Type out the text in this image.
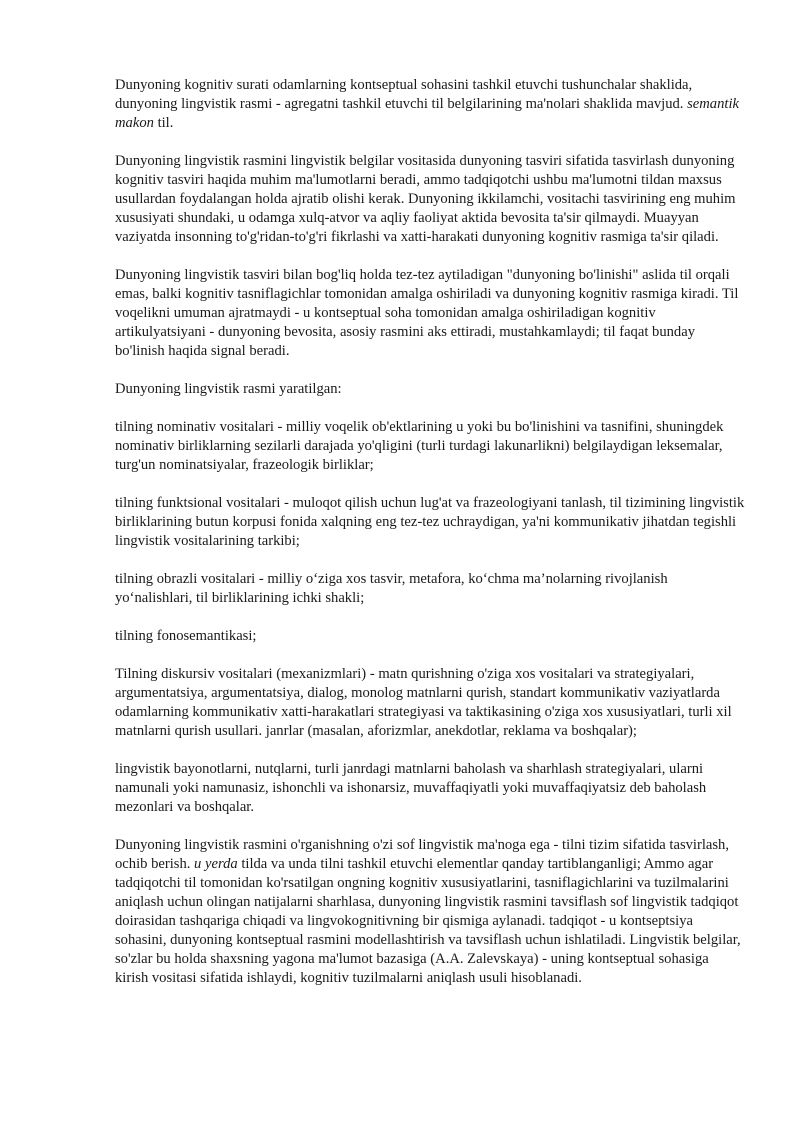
Dunyoning kognitiv surati odamlarning kontseptual sohasini tashkil etuvchi tushunchalar shaklida, dunyoning lingvistik rasmi - agregatni tashkil etuvchi til belgilarining ma'nolari shaklida mavjud. semantik makon til.

Dunyoning lingvistik rasmini lingvistik belgilar vositasida dunyoning tasviri sifatida tasvirlash dunyoning kognitiv tasviri haqida muhim ma'lumotlarni beradi, ammo tadqiqotchi ushbu ma'lumotni tildan maxsus usullardan foydalangan holda ajratib olishi kerak. Dunyoning ikkilamchi, vositachi tasvirining eng muhim xususiyati shundaki, u odamga xulq-atvor va aqliy faoliyat aktida bevosita ta'sir qilmaydi. Muayyan vaziyatda insonning to'g'ridan-to'g'ri fikrlashi va xatti-harakati dunyoning kognitiv rasmiga ta'sir qiladi.

Dunyoning lingvistik tasviri bilan bog'liq holda tez-tez aytiladigan "dunyoning bo'linishi" aslida til orqali emas, balki kognitiv tasniflagichlar tomonidan amalga oshiriladi va dunyoning kognitiv rasmiga kiradi. Til voqelikni umuman ajratmaydi - u kontseptual soha tomonidan amalga oshiriladigan kognitiv artikulyatsiyani - dunyoning bevosita, asosiy rasmini aks ettiradi, mustahkamlaydi; til faqat bunday bo'linish haqida signal beradi.

Dunyoning lingvistik rasmi yaratilgan:

tilning nominativ vositalari - milliy voqelik ob'ektlarining u yoki bu bo'linishini va tasnifini, shuningdek nominativ birliklarning sezilarli darajada yo'qligini (turli turdagi lakunarlikni) belgilaydigan leksemalar, turg'un nominatsiyalar, frazeologik birliklar;

tilning funktsional vositalari - muloqot qilish uchun lug'at va frazeologiyani tanlash, til tizimining lingvistik birliklarining butun korpusi fonida xalqning eng tez-tez uchraydigan, ya'ni kommunikativ jihatdan tegishli lingvistik vositalarining tarkibi;

tilning obrazli vositalari - milliy o‘ziga xos tasvir, metafora, ko‘chma ma’nolarning rivojlanish yo‘nalishlari, til birliklarining ichki shakli;

tilning fonosemantikasi;

Tilning diskursiv vositalari (mexanizmlari) - matn qurishning o'ziga xos vositalari va strategiyalari, argumentatsiya, argumentatsiya, dialog, monolog matnlarni qurish, standart kommunikativ vaziyatlarda odamlarning kommunikativ xatti-harakatlari strategiyasi va taktikasining o'ziga xos xususiyatlari, turli xil matnlarni qurish usullari. janrlar (masalan, aforizmlar, anekdotlar, reklama va boshqalar);

lingvistik bayonotlarni, nutqlarni, turli janrdagi matnlarni baholash va sharhlash strategiyalari, ularni namunali yoki namunasiz, ishonchli va ishonarsiz, muvaffaqiyatli yoki muvaffaqiyatsiz deb baholash mezonlari va boshqalar.

Dunyoning lingvistik rasmini o'rganishning o'zi sof lingvistik ma'noga ega - tilni tizim sifatida tasvirlash, ochib berish. u yerda tilda va unda tilni tashkil etuvchi elementlar qanday tartiblanganligi; Ammo agar tadqiqotchi til tomonidan ko'rsatilgan ongning kognitiv xususiyatlarini, tasniflagichlarini va tuzilmalarini aniqlash uchun olingan natijalarni sharhlasa, dunyoning lingvistik rasmini tavsiflash sof lingvistik tadqiqot doirasidan tashqariga chiqadi va lingvokognitivning bir qismiga aylanadi. tadqiqot - u kontseptsiya sohasini, dunyoning kontseptual rasmini modellashtirish va tavsiflash uchun ishlatiladi. Lingvistik belgilar, so'zlar bu holda shaxsning yagona ma'lumot bazasiga (A.A. Zalevskaya) - uning kontseptual sohasiga kirish vositasi sifatida ishlaydi, kognitiv tuzilmalarni aniqlash usuli hisoblanadi.
